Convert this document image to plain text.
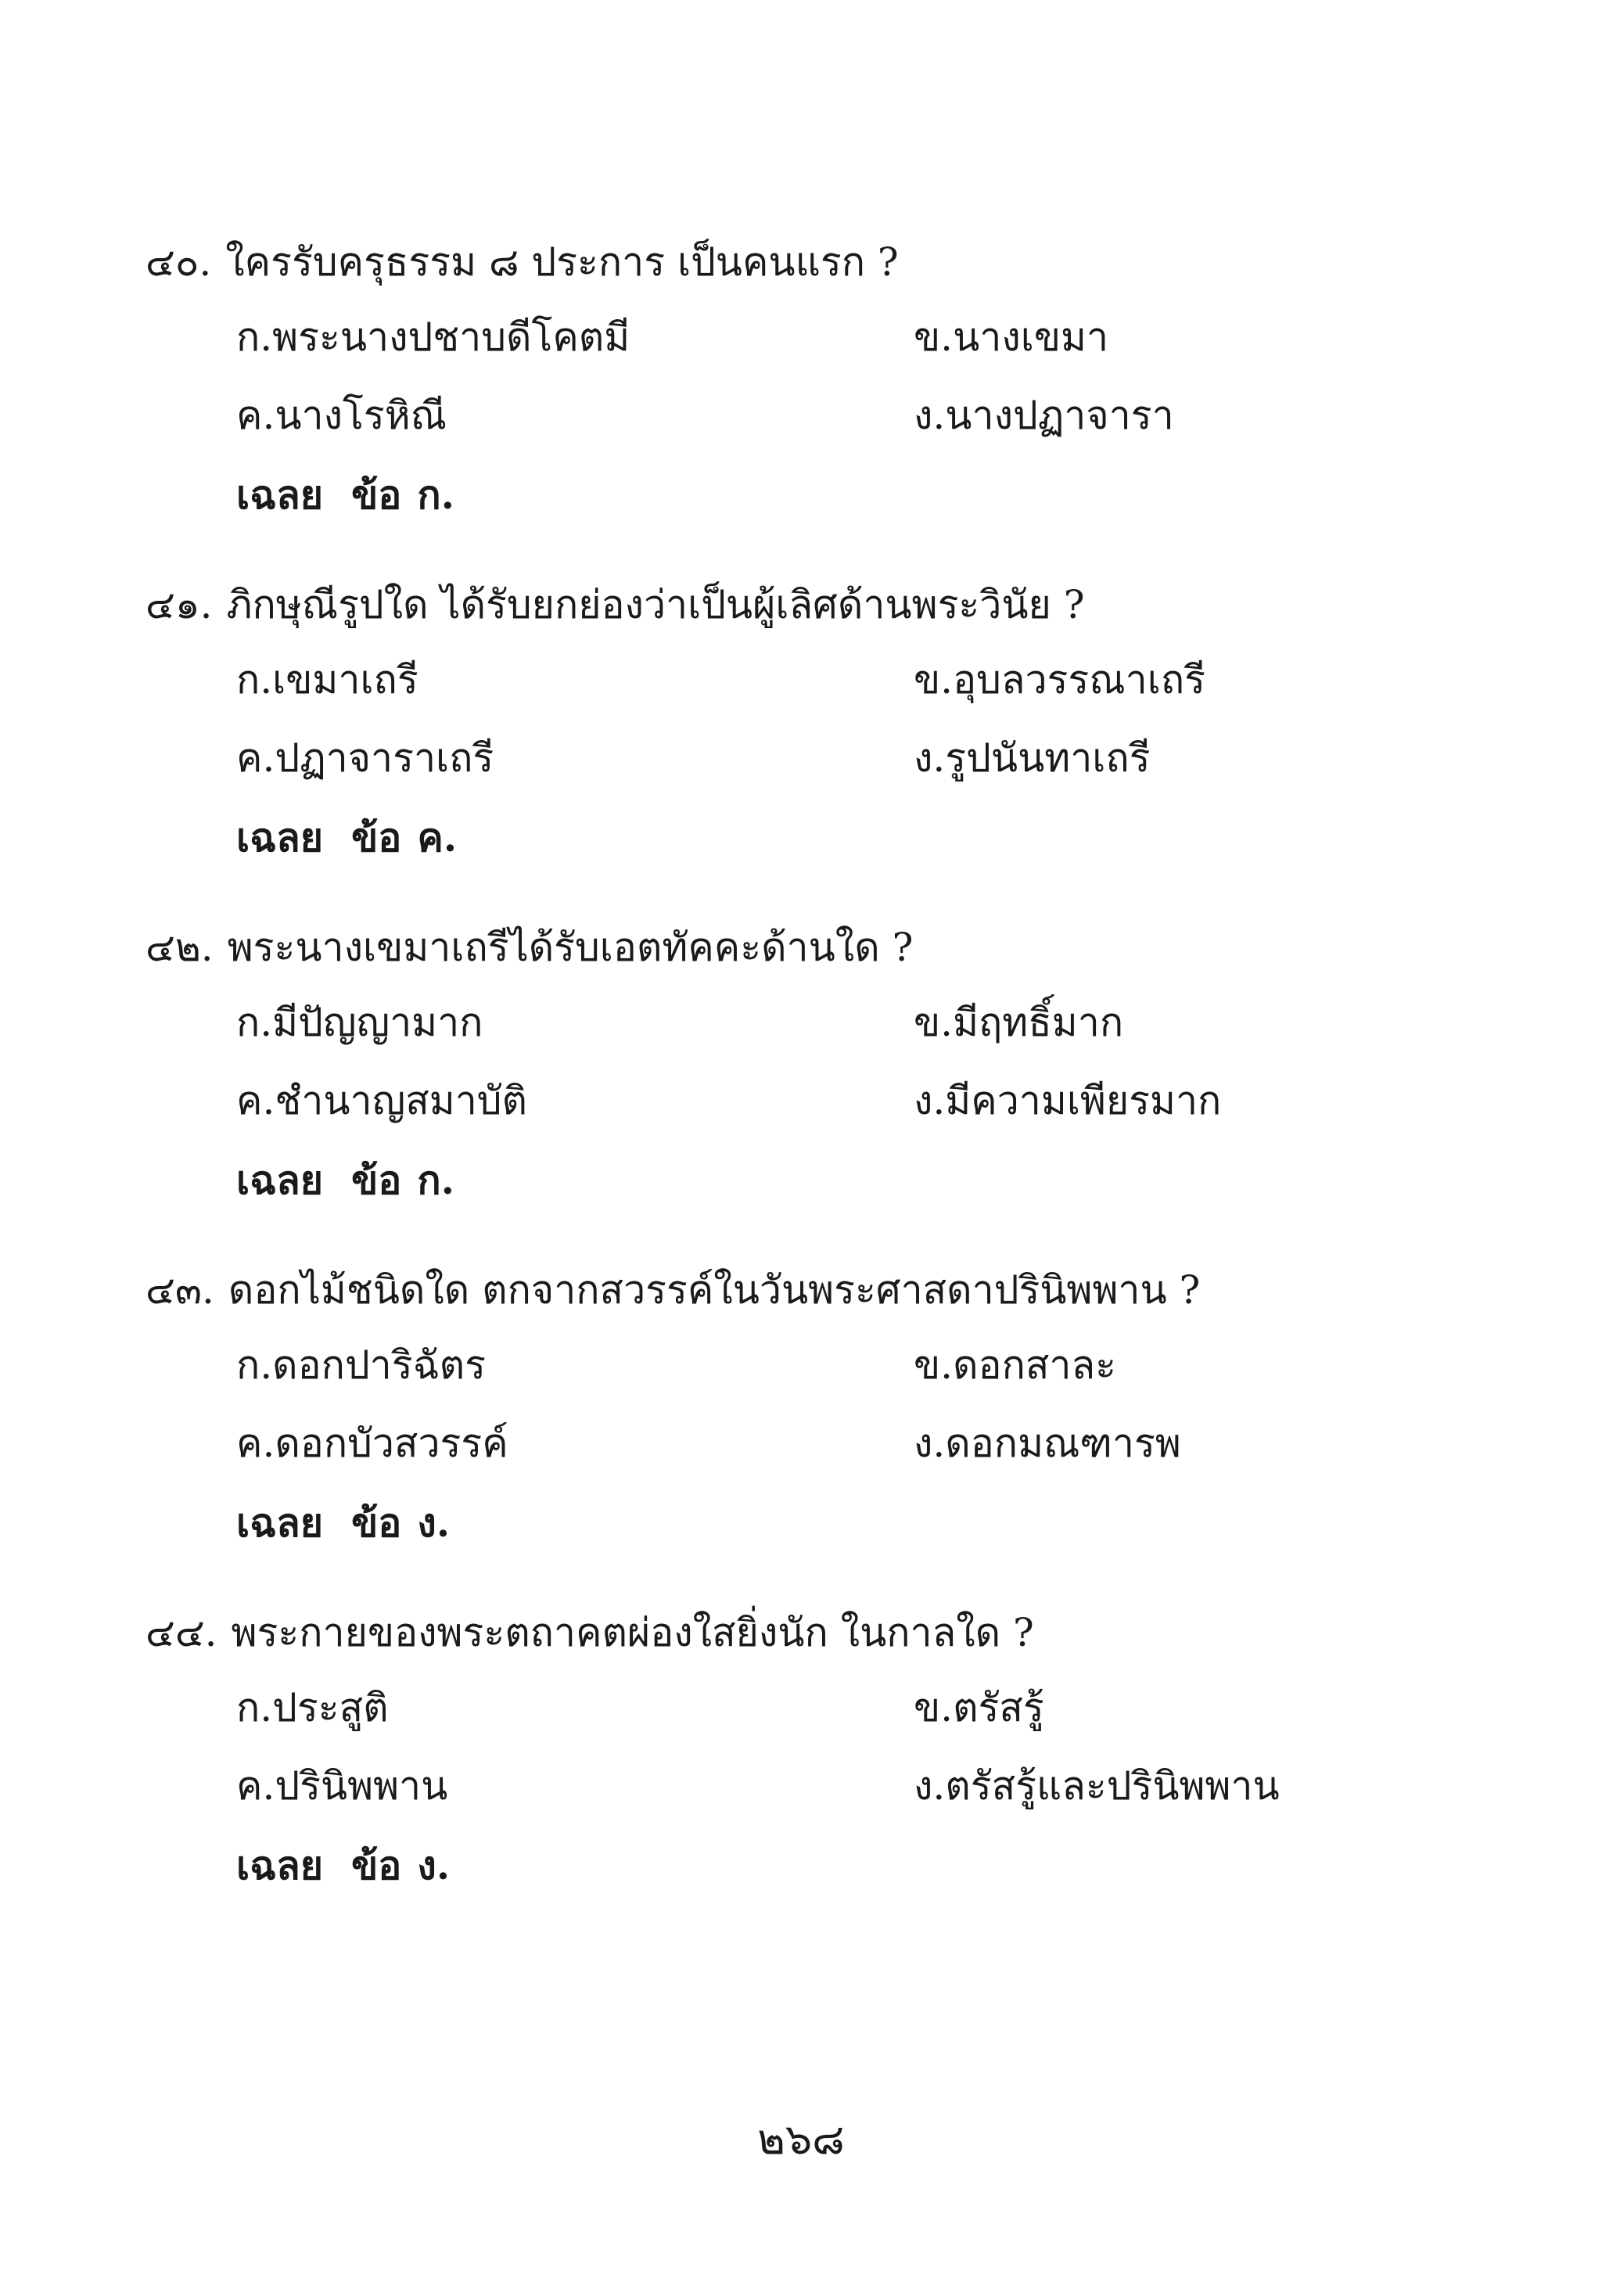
๔๐. ใครรับครุธรรม ๘ ประการ เป็นคนแรก ?
ก.พระนางปชาบดีโคตมี	ข.นางเขมา
ค.นางโรหิณี	ง.นางปฏาจารา
เฉลย ข้อ ก.
๔๑. ภิกษุณีรูปใด ได้รับยกย่องว่าเป็นผู้เลิศด้านพระวินัย ?
ก.เขมาเถรี	ข.อุบลวรรณาเถรี
ค.ปฏาจาราเถรี	ง.รูปนันทาเถรี
เฉลย ข้อ ค.
๔๒. พระนางเขมาเถรีได้รับเอตทัคคะด้านใด ?
ก.มีปัญญามาก	ข.มีฤทธิ์มาก
ค.ชำนาญสมาบัติ	ง.มีความเพียรมาก
เฉลย ข้อ ก.
๔๓. ดอกไม้ชนิดใด ตกจากสวรรค์ในวันพระศาสดาปรินิพพาน ?
ก.ดอกปาริฉัตร	ข.ดอกสาละ
ค.ดอกบัวสวรรค์	ง.ดอกมณฑารพ
เฉลย ข้อ ง.
๔๔. พระกายของพระตถาคตผ่องใสยิ่งนัก ในกาลใด ?
ก.ประสูติ	ข.ตรัสรู้
ค.ปรินิพพาน	ง.ตรัสรู้และปรินิพพาน
เฉลย ข้อ ง.
๒๖๘
